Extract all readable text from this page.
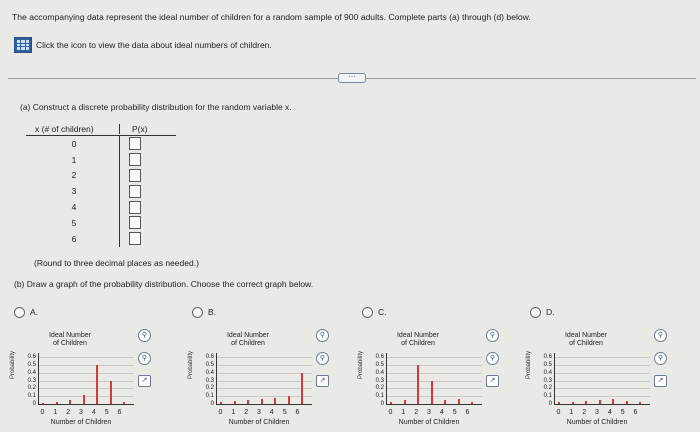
The accompanying data represent the ideal number of children for a random sample of 900 adults. Complete parts (a) through (d) below.
Click the icon to view the data about ideal numbers of children.
⋯
(a) Construct a discrete probability distribution for the random variable x.
x (# of children)	P(x)
0
1
2
3
4
5
6
(Round to three decimal places as needed.)
(b) Draw a graph of the probability distribution. Choose the correct graph below.
A.
Ideal Number
of Children
Probability 0.6
0.5
0.4
0.3
0.2
0.1
0
0	1	2	3	4	5	6
Number of Children
⚲
⚲
↗
B.
Ideal Number
of Children
Probability 0.6
0.5
0.4
0.3
0.2
0.1
0
0	1	2	3	4	5	6
Number of Children
⚲
⚲
↗
C.
Ideal Number
of Children
Probability 0.6
0.5
0.4
0.3
0.2
0.1
0
0	1	2	3	4	5	6
Number of Children
⚲
⚲
↗
D.
Ideal Number
of Children
Probability 0.6
0.5
0.4
0.3
0.2
0.1
0
0	1	2	3	4	5	6
Number of Children
⚲
⚲
↗
